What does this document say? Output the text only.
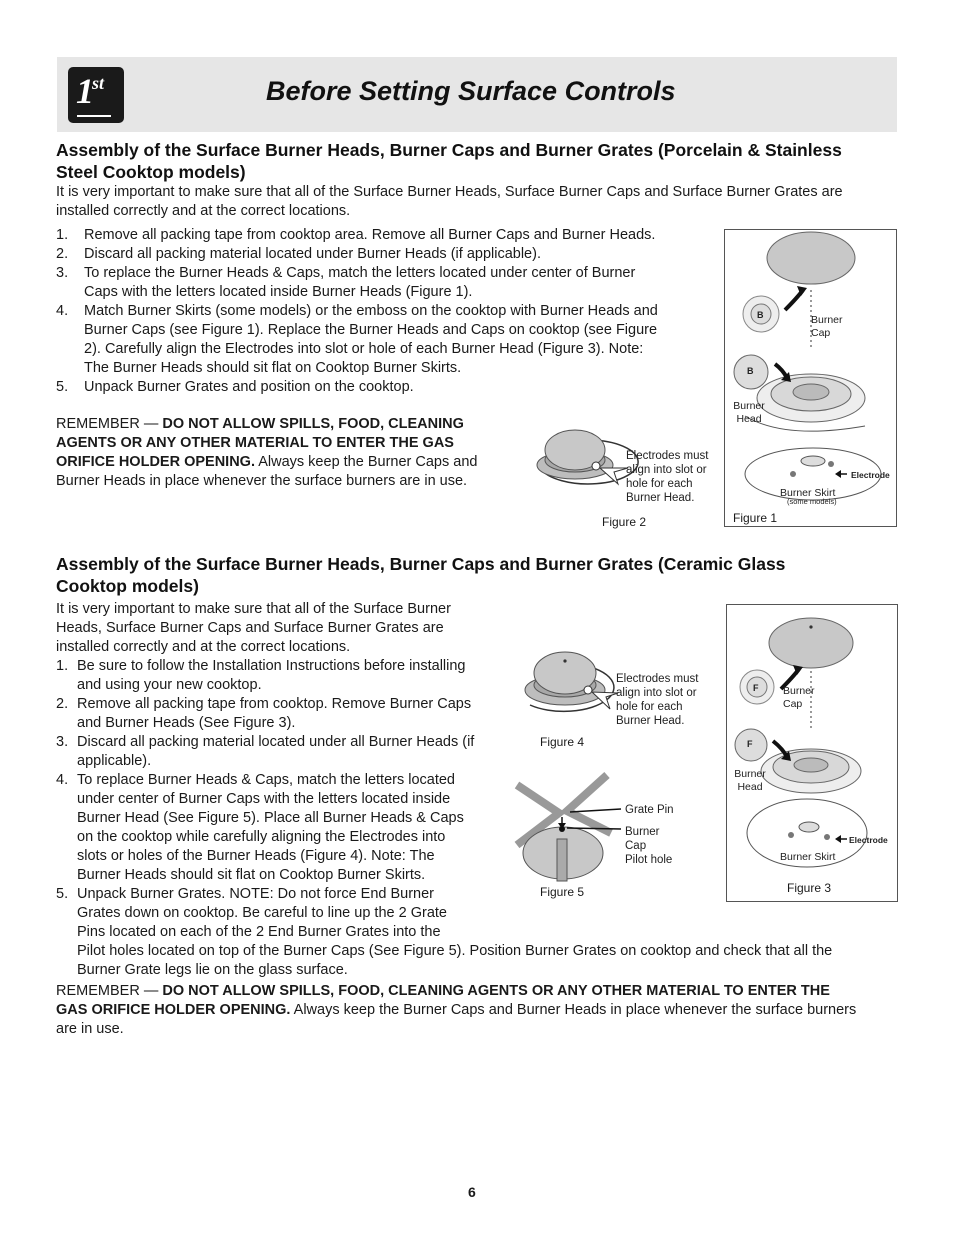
1
st	Before Setting Surface Controls
Assembly of the Surface Burner Heads, Burner Caps and Burner Grates (Porcelain & Stainless
Steel Cooktop models)
It is very important to make sure that all of the Surface Burner Heads, Surface Burner Caps and Surface Burner Grates are
installed correctly and at the correct locations.
1. Remove all packing tape from cooktop area. Remove all Burner Caps and Burner Heads.
2. Discard all packing material located under Burner Heads (if applicable).
3. To replace the Burner Heads & Caps, match the letters located under center of Burner
Caps with the letters located inside Burner Heads (Figure 1).
4. Match Burner Skirts (some models) or the emboss on the cooktop with Burner Heads and
Burner Caps (see Figure 1). Replace the Burner Heads and Caps on cooktop (see Figure
2). Carefully align the Electrodes into slot or hole of each Burner Head (Figure 3). Note:
The Burner Heads should sit flat on Cooktop Burner Skirts.
5. Unpack Burner Grates and position on the cooktop.
REMEMBER — DO NOT ALLOW SPILLS, FOOD, CLEANING
AGENTS OR ANY OTHER MATERIAL TO ENTER THE GAS
ORIFICE HOLDER OPENING. Always keep the Burner Caps and
Burner Heads in place whenever the surface burners are in use.
Electrodes must
align into slot or
hole for each
Burner Head.
Figure 2
B
B
Burner
Cap
Burner
Head
Electrode
Burner Skirt
(some models)
Figure 1
Assembly of the Surface Burner Heads, Burner Caps and Burner Grates (Ceramic Glass
Cooktop models)
It is very important to make sure that all of the Surface Burner
Heads, Surface Burner Caps and Surface Burner Grates are
installed correctly and at the correct locations.
1. Be sure to follow the Installation Instructions before installing
and using your new cooktop.
2. Remove all packing tape from cooktop. Remove Burner Caps
and Burner Heads (See Figure 3).
3. Discard all packing material located under all Burner Heads (if
applicable).
4. To replace Burner Heads & Caps, match the letters located
under center of Burner Caps with the letters located inside
Burner Head (See Figure 5). Place all Burner Heads & Caps
on the cooktop while carefully aligning the Electrodes into
slots or holes of the Burner Heads (Figure 4). Note: The
Burner Heads should sit flat on Cooktop Burner Skirts.
5. Unpack Burner Grates. NOTE: Do not force End Burner
Grates down on cooktop. Be careful to line up the 2 Grate
Pins located on each of the 2 End Burner Grates into the
Pilot holes located on top of the Burner Caps (See Figure 5). Position Burner Grates on cooktop and check that all the
Burner Grate legs lie on the glass surface.
REMEMBER — DO NOT ALLOW SPILLS, FOOD, CLEANING AGENTS OR ANY OTHER MATERIAL TO ENTER THE
GAS ORIFICE HOLDER OPENING. Always keep the Burner Caps and Burner Heads in place whenever the surface burners
are in use.
Electrodes must
align into slot or
hole for each
Burner Head.
Figure 4
Grate Pin
Burner
Cap
Pilot hole
Figure 5
F
F
Burner
Cap
Burner
Head
Electrode
Burner Skirt
Figure 3
6
